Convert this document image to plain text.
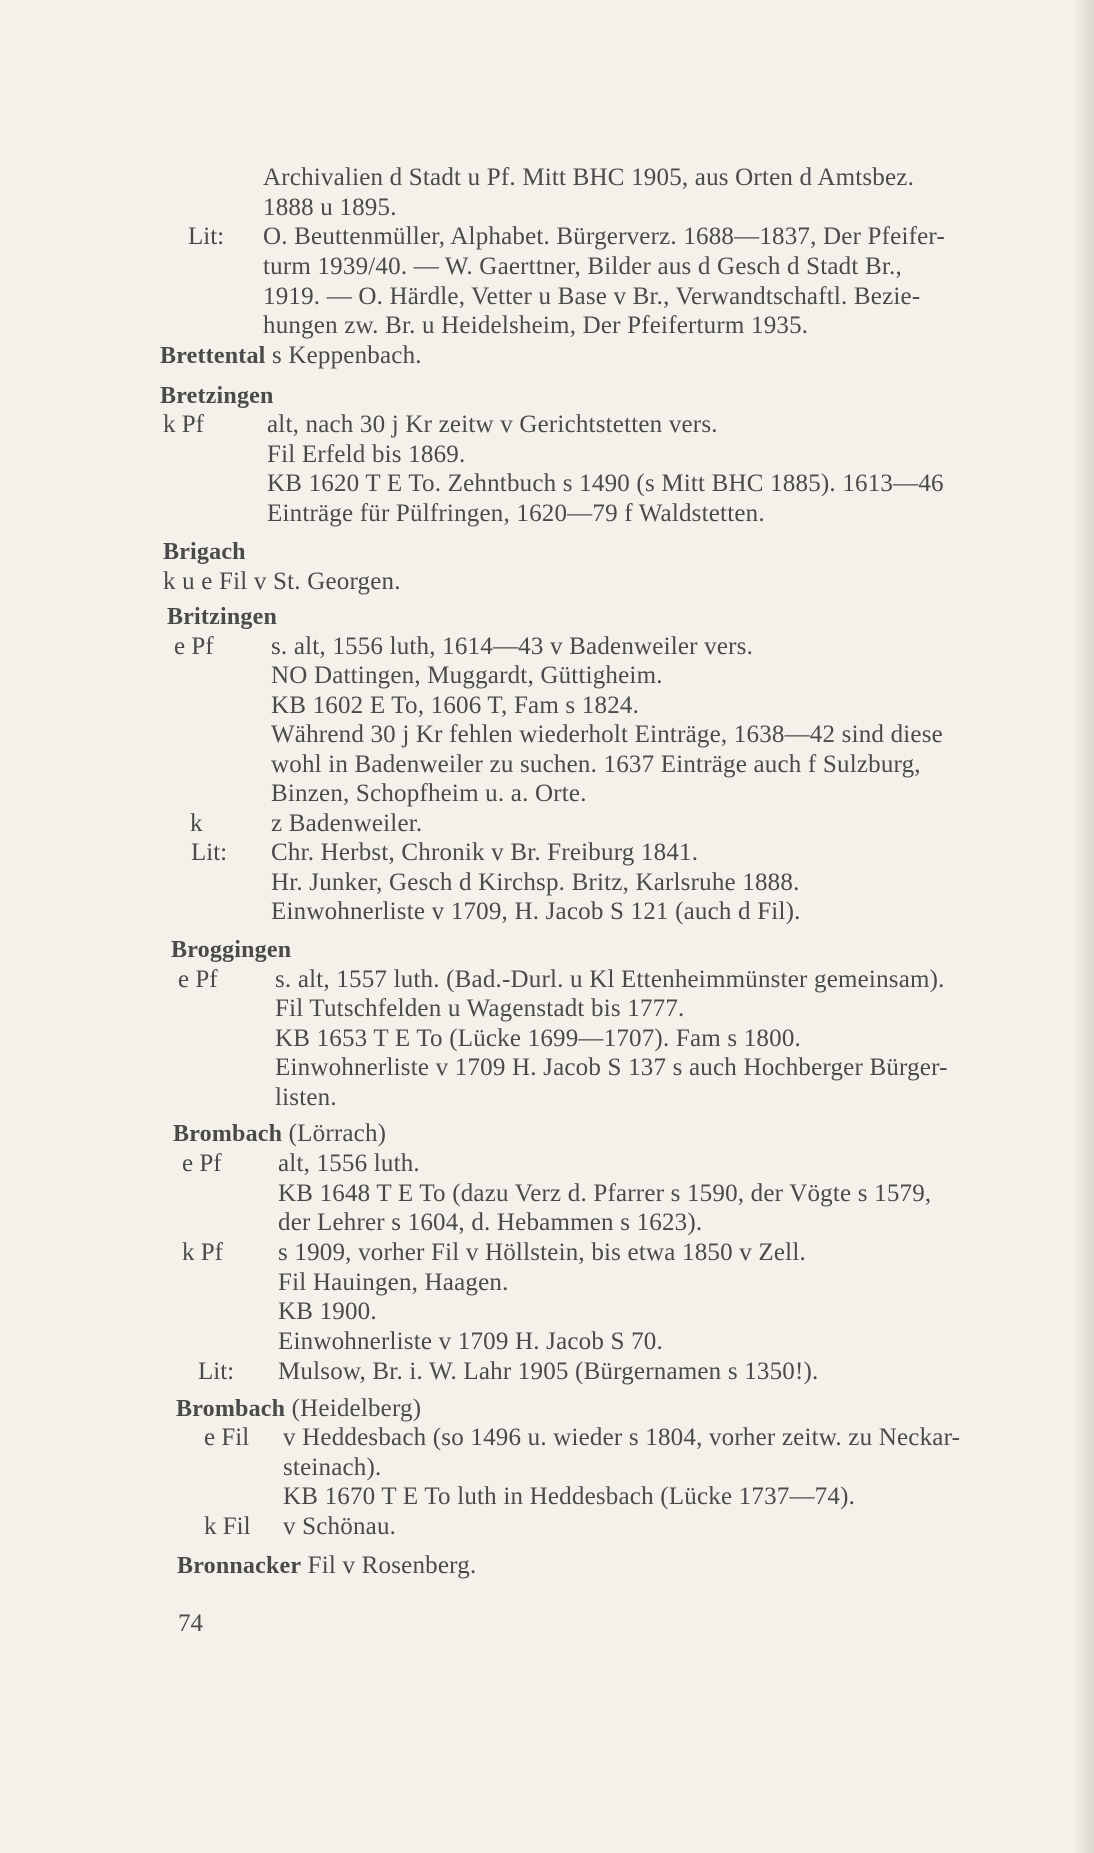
Archivalien d Stadt u Pf. Mitt BHC 1905, aus Orten d Amtsbez.
1888 u 1895.
O. Beuttenmüller, Alphabet. Bürgerverz. 1688—1837, Der Pfeifer-
turm 1939/40. — W. Gaerttner, Bilder aus d Gesch d Stadt Br.,
1919. — O. Härdle, Vetter u Base v Br., Verwandtschaftl. Bezie-
hungen zw. Br. u Heidelsheim, Der Pfeiferturm 1935.
alt, nach 30 j Kr zeitw v Gerichtstetten vers.
Fil Erfeld bis 1869.
KB 1620 T E To. Zehntbuch s 1490 (s Mitt BHC 1885). 1613—46
Einträge für Pülfringen, 1620—79 f Waldstetten.
k u e Fil v St. Georgen.
s. alt, 1556 luth, 1614—43 v Badenweiler vers.
NO Dattingen, Muggardt, Güttigheim.
KB 1602 E To, 1606 T, Fam s 1824.
Während 30 j Kr fehlen wiederholt Einträge, 1638—42 sind diese
wohl in Badenweiler zu suchen. 1637 Einträge auch f Sulzburg,
Binzen, Schopfheim u. a. Orte.
z Badenweiler.
Chr. Herbst, Chronik v Br. Freiburg 1841.
Hr. Junker, Gesch d Kirchsp. Britz, Karlsruhe 1888.
Einwohnerliste v 1709, H. Jacob S 121 (auch d Fil).
s. alt, 1557 luth. (Bad.-Durl. u Kl Ettenheimmünster gemeinsam).
Fil Tutschfelden u Wagenstadt bis 1777.
KB 1653 T E To (Lücke 1699—1707). Fam s 1800.
Einwohnerliste v 1709 H. Jacob S 137 s auch Hochberger Bürger-
listen.
alt, 1556 luth.
KB 1648 T E To (dazu Verz d. Pfarrer s 1590, der Vögte s 1579,
der Lehrer s 1604, d. Hebammen s 1623).
s 1909, vorher Fil v Höllstein, bis etwa 1850 v Zell.
Fil Hauingen, Haagen.
KB 1900.
Einwohnerliste v 1709 H. Jacob S 70.
Mulsow, Br. i. W. Lahr 1905 (Bürgernamen s 1350!).
v Heddesbach (so 1496 u. wieder s 1804, vorher zeitw. zu Neckar-
steinach).
KB 1670 T E To luth in Heddesbach (Lücke 1737—74).
v Schönau.
Lit:
k Pf
e Pf
k
Lit:
e Pf
e Pf
k Pf
Lit:
e Fil
k Fil
Brettental s Keppenbach.
Bretzingen
Brigach
Britzingen
Broggingen
Brombach (Lörrach)
Brombach (Heidelberg)
Bronnacker Fil v Rosenberg.
74
